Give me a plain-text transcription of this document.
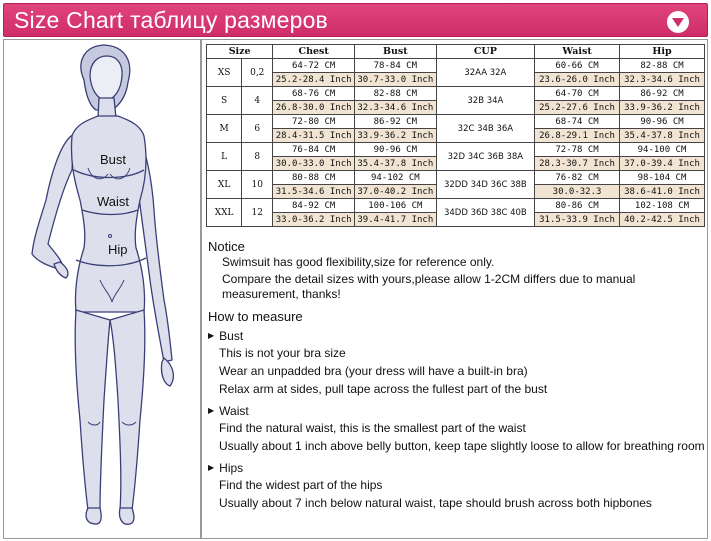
Size Chart таблицу размеров
Bust
Waist
Hip
Size		Chest	Bust	CUP	Waist	Hip
XS	0,2	64-72 CM	78-84 CM	32AA 32A	60-66 CM	82-88 CM
		25.2-28.4 Inch	30.7-33.0 Inch		23.6-26.0 Inch	32.3-34.6 Inch
S	4	68-76 CM	82-88 CM	32B 34A	64-70 CM	86-92 CM
		26.8-30.0 Inch	32.3-34.6 Inch		25.2-27.6 Inch	33.9-36.2 Inch
M	6	72-80 CM	86-92 CM	32C 34B 36A	68-74 CM	90-96 CM
		28.4-31.5 Inch	33.9-36.2 Inch		26.8-29.1 Inch	35.4-37.8 Inch
L	8	76-84 CM	90-96 CM	32D 34C 36B 38A	72-78 CM	94-100 CM
		30.0-33.0 Inch	35.4-37.8 Inch		28.3-30.7 Inch	37.0-39.4 Inch
XL	10	80-88 CM	94-102 CM	32DD 34D 36C 38B	76-82 CM	98-104 CM
		31.5-34.6 Inch	37.0-40.2 Inch		30.0-32.3	38.6-41.0 Inch
XXL	12	84-92 CM	100-106 CM	34DD 36D 38C 40B	80-86 CM	102-108 CM
		33.0-36.2 Inch	39.4-41.7 Inch		31.5-33.9 Inch	40.2-42.5 Inch
Notice
Swimsuit has good flexibility,size for reference only.
Compare the detail sizes with yours,please allow 1-2CM differs due to manual
measurement, thanks!
How to measure
▶ Bust
This is not your bra size
Wear an unpadded bra (your dress will have a built-in bra)
Relax arm at sides, pull tape across the fullest part of the bust
▶ Waist
Find the natural waist, this is the smallest part of the waist
Usually about 1 inch above belly button, keep tape slightly loose to allow for breathing room
▶ Hips
Find the widest part of the hips
Usually about 7 inch below natural waist, tape should brush across both hipbones
